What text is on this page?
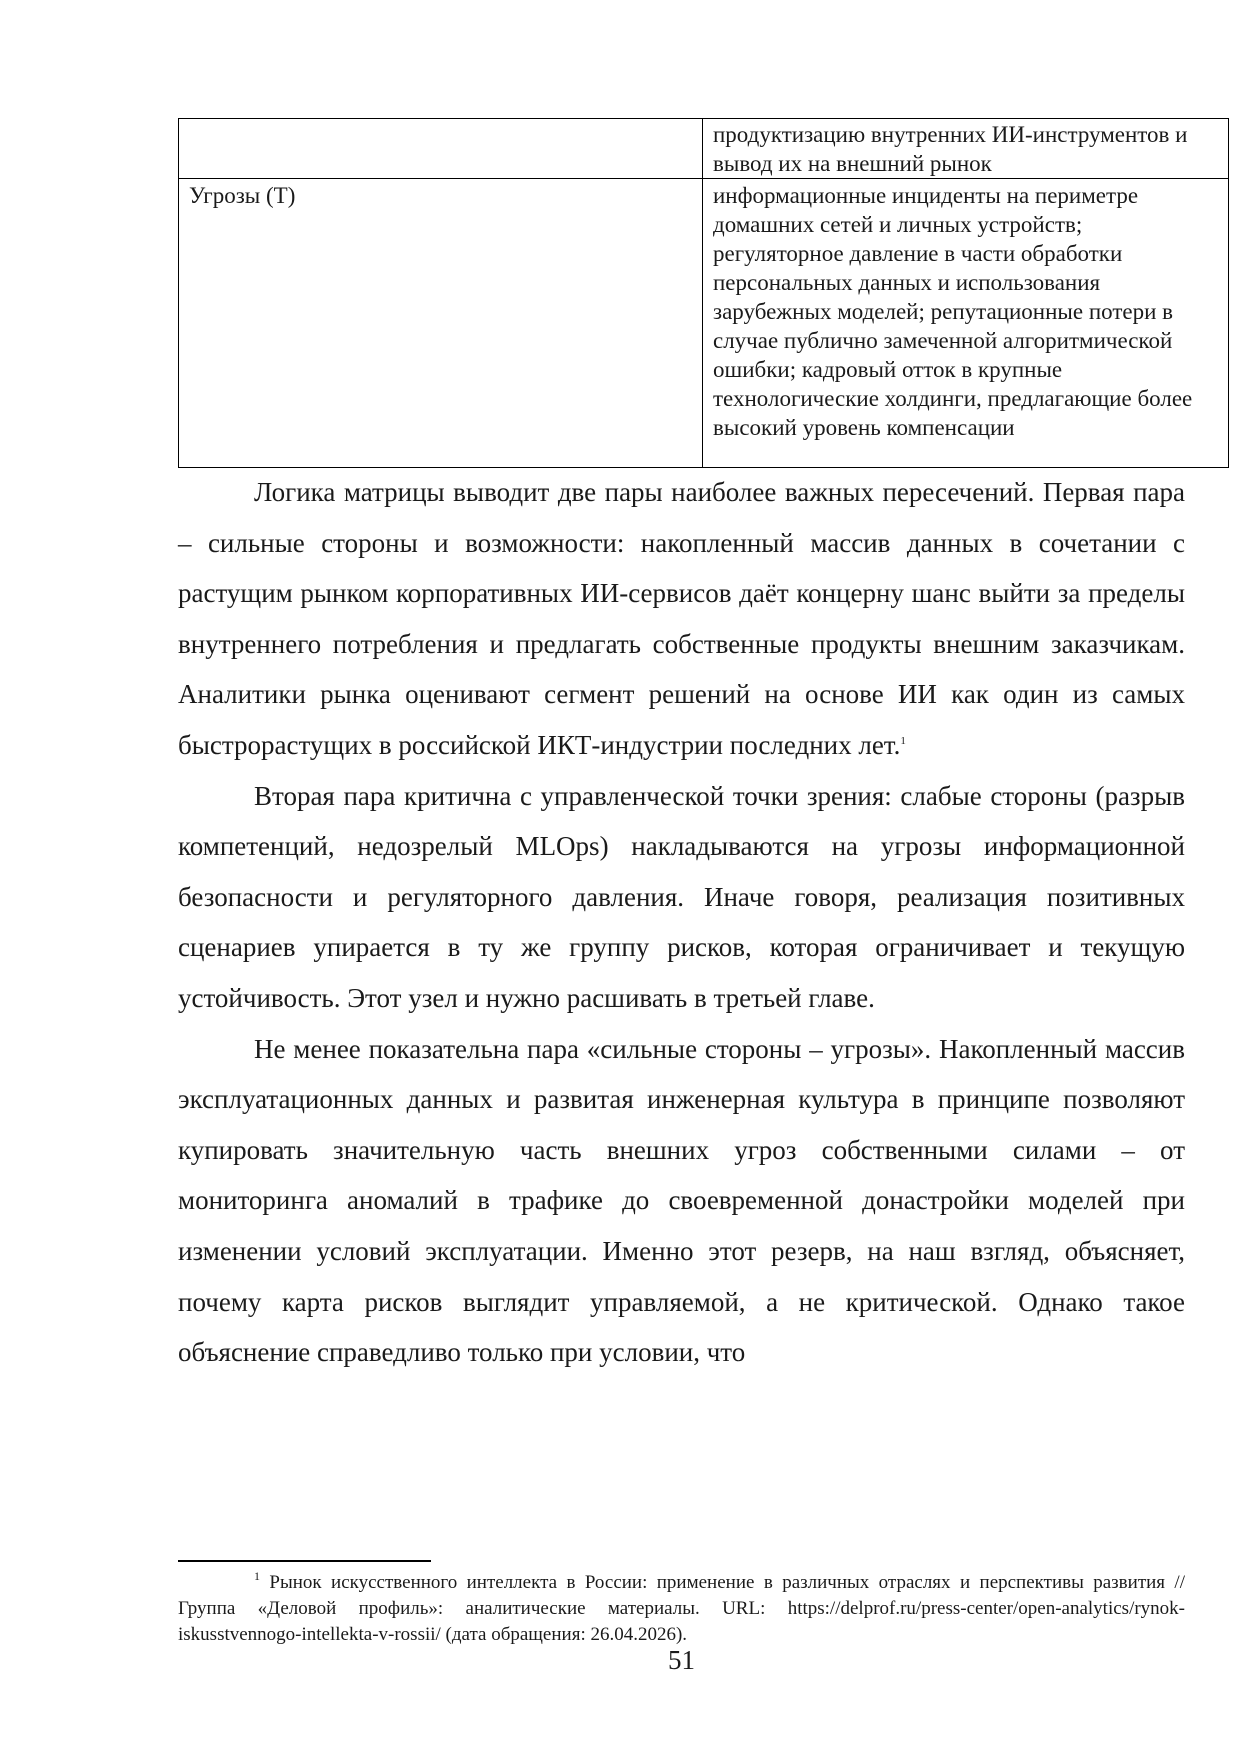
	продуктизацию внутренних ИИ-инструментов и вывод их на внешний рынок
Угрозы (T)	информационные инциденты на периметре домашних сетей и личных устройств; регуляторное давление в части обработки персональных данных и использования зарубежных моделей; репутационные потери в случае публично замеченной алгоритмической ошибки; кадровый отток в крупные технологические холдинги, предлагающие более высокий уровень компенсации

Логика матрицы выводит две пары наиболее важных пересечений. Первая пара – сильные стороны и возможности: накопленный массив данных в сочетании с растущим рынком корпоративных ИИ-сервисов даёт концерну шанс выйти за пределы внутреннего потребления и предлагать собственные продукты внешним заказчикам. Аналитики рынка оценивают сегмент решений на основе ИИ как один из самых быстрорастущих в российской ИКТ-индустрии последних лет.$^1$

Вторая пара критична с управленческой точки зрения: слабые стороны (разрыв компетенций, недозрелый MLOps) накладываются на угрозы информационной безопасности и регуляторного давления. Иначе говоря, реализация позитивных сценариев упирается в ту же группу рисков, которая ограничивает и текущую устойчивость. Этот узел и нужно расшивать в третьей главе.

Не менее показательна пара «сильные стороны – угрозы». Накопленный массив эксплуатационных данных и развитая инженерная культура в принципе позволяют купировать значительную часть внешних угроз собственными силами – от мониторинга аномалий в трафике до своевременной донастройки моделей при изменении условий эксплуатации. Именно этот резерв, на наш взгляд, объясняет, почему карта рисков выглядит управляемой, а не критической. Однако такое объяснение справедливо только при условии, что

$^1$ Рынок искусственного интеллекта в России: применение в различных отраслях и перспективы развития // Группа «Деловой профиль»: аналитические материалы. URL: https://delprof.ru/press-center/open-analytics/rynok-iskusstvennogo-intellekta-v-rossii/ (дата обращения: 26.04.2026).
51
